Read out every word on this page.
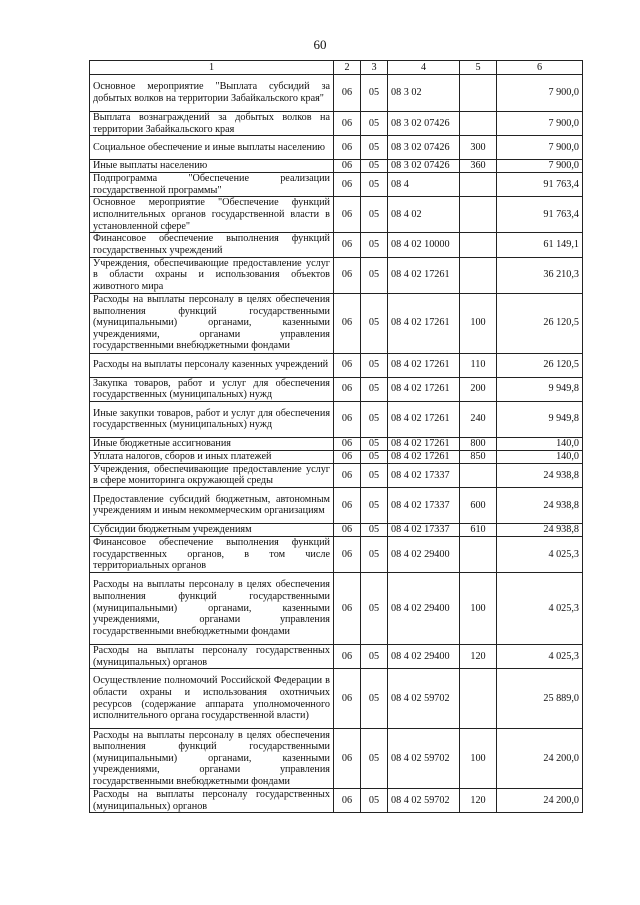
60
1	2	3	4	5	6
Основное мероприятие "Выплата субсидий за добытых волков на территории Забайкальского края"	06	05	08 3 02		7 900,0
Выплата вознаграждений за добытых волков на территории Забайкальского края	06	05	08 3 02 07426		7 900,0
Социальное обеспечение и иные выплаты населению	06	05	08 3 02 07426	300	7 900,0
Иные выплаты населению	06	05	08 3 02 07426	360	7 900,0
Подпрограмма "Обеспечение реализации государственной программы"	06	05	08 4		91 763,4
Основное мероприятие "Обеспечение функций исполнительных органов государственной власти в установленной сфере"	06	05	08 4 02		91 763,4
Финансовое обеспечение выполнения функций государственных учреждений	06	05	08 4 02 10000		61 149,1
Учреждения, обеспечивающие предоставление услуг в области охраны и использования объектов животного мира	06	05	08 4 02 17261		36 210,3
Расходы на выплаты персоналу в целях обеспечения выполнения функций государственными (муниципальными) органами, казенными учреждениями, органами управления государственными внебюджетными фондами	06	05	08 4 02 17261	100	26 120,5
Расходы на выплаты персоналу казенных учреждений	06	05	08 4 02 17261	110	26 120,5
Закупка товаров, работ и услуг для обеспечения государственных (муниципальных) нужд	06	05	08 4 02 17261	200	9 949,8
Иные закупки товаров, работ и услуг для обеспечения государственных (муниципальных) нужд	06	05	08 4 02 17261	240	9 949,8
Иные бюджетные ассигнования	06	05	08 4 02 17261	800	140,0
Уплата налогов, сборов и иных платежей	06	05	08 4 02 17261	850	140,0
Учреждения, обеспечивающие предоставление услуг в сфере мониторинга окружающей среды	06	05	08 4 02 17337		24 938,8
Предоставление субсидий бюджетным, автономным учреждениям и иным некоммерческим организациям	06	05	08 4 02 17337	600	24 938,8
Субсидии бюджетным учреждениям	06	05	08 4 02 17337	610	24 938,8
Финансовое обеспечение выполнения функций государственных органов, в том числе территориальных органов	06	05	08 4 02 29400		4 025,3
Расходы на выплаты персоналу в целях обеспечения выполнения функций государственными (муниципальными) органами, казенными учреждениями, органами управления государственными внебюджетными фондами	06	05	08 4 02 29400	100	4 025,3
Расходы на выплаты персоналу государственных (муниципальных) органов	06	05	08 4 02 29400	120	4 025,3
Осуществление полномочий Российской Федерации в области охраны и использования охотничьих ресурсов (содержание аппарата уполномоченного исполнительного органа государственной власти)	06	05	08 4 02 59702		25 889,0
Расходы на выплаты персоналу в целях обеспечения выполнения функций государственными (муниципальными) органами, казенными учреждениями, органами управления государственными внебюджетными фондами	06	05	08 4 02 59702	100	24 200,0
Расходы на выплаты персоналу государственных (муниципальных) органов	06	05	08 4 02 59702	120	24 200,0
